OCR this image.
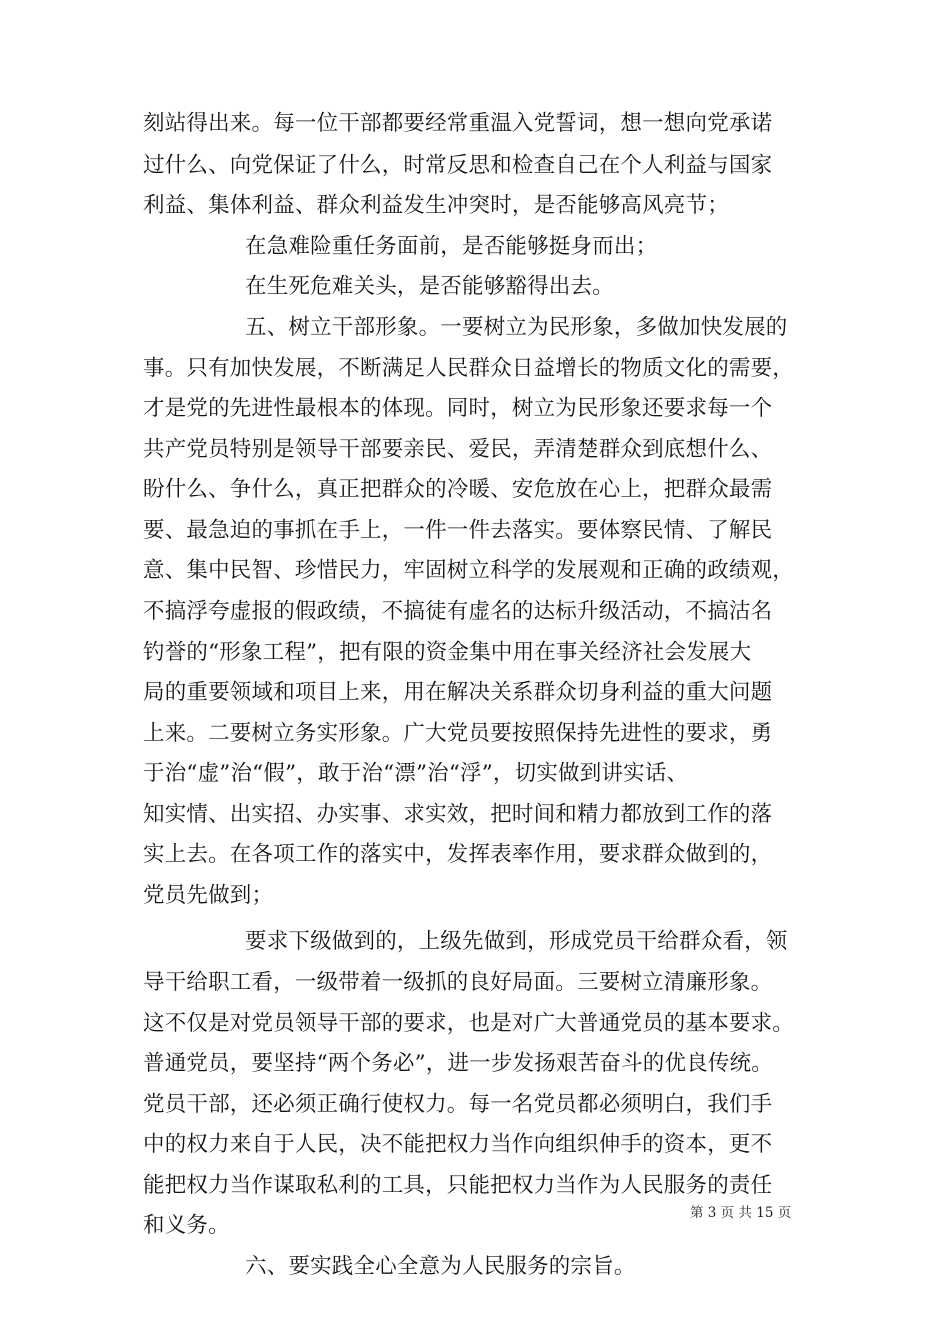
刻站得出来。每一位干部都要经常重温入党誓词，想一想向党承诺
过什么、向党保证了什么，时常反思和检查自己在个人利益与国家
利益、集体利益、群众利益发生冲突时，是否能够高风亮节；
在急难险重任务面前，是否能够挺身而出；
在生死危难关头，是否能够豁得出去。
五、树立干部形象。一要树立为民形象，多做加快发展的
事。只有加快发展，不断满足人民群众日益增长的物质文化的需要，
才是党的先进性最根本的体现。同时，树立为民形象还要求每一个
共产党员特别是领导干部要亲民、爱民，弄清楚群众到底想什么、
盼什么、争什么，真正把群众的冷暖、安危放在心上，把群众最需
要、最急迫的事抓在手上，一件一件去落实。要体察民情、了解民
意、集中民智、珍惜民力，牢固树立科学的发展观和正确的政绩观，
不搞浮夸虚报的假政绩，不搞徒有虚名的达标升级活动，不搞沽名
钓誉的“形象工程”，把有限的资金集中用在事关经济社会发展大
局的重要领域和项目上来，用在解决关系群众切身利益的重大问题
上来。二要树立务实形象。广大党员要按照保持先进性的要求，勇
于治“虚”治“假”，敢于治“漂”治“浮”，切实做到讲实话、
知实情、出实招、办实事、求实效，把时间和精力都放到工作的落
实上去。在各项工作的落实中，发挥表率作用，要求群众做到的，
党员先做到；
要求下级做到的，上级先做到，形成党员干给群众看，领
导干给职工看，一级带着一级抓的良好局面。三要树立清廉形象。
这不仅是对党员领导干部的要求，也是对广大普通党员的基本要求。
普通党员，要坚持“两个务必”，进一步发扬艰苦奋斗的优良传统。
党员干部，还必须正确行使权力。每一名党员都必须明白，我们手
中的权力来自于人民，决不能把权力当作向组织伸手的资本，更不
能把权力当作谋取私利的工具，只能把权力当作为人民服务的责任
和义务。
六、要实践全心全意为人民服务的宗旨。
第 3 页 共 15 页
